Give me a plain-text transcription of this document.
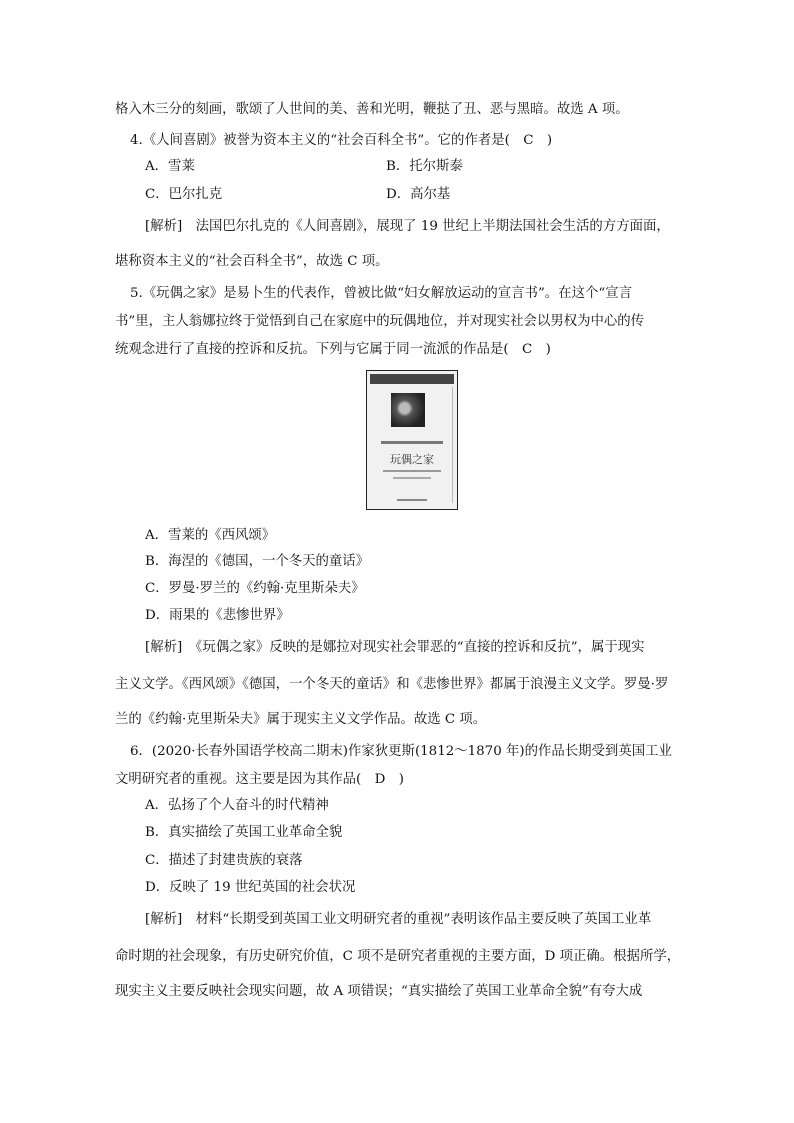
格入木三分的刻画，歌颂了人世间的美、善和光明，鞭挞了丑、恶与黑暗。故选 A 项。
4.《人间喜剧》被誉为资本主义的“社会百科全书”。它的作者是(　C　)
A．雪莱	B．托尔斯泰
C．巴尔扎克	D．高尔基
[解析]　 法国巴尔扎克的《人间喜剧》，展现了 19 世纪上半期法国社会生活的方方面面，
堪称资本主义的“社会百科全书”，故选 C 项。
5.《玩偶之家》是易卜生的代表作，曾被比做“妇女解放运动的宣言书”。在这个“宣言
书”里，主人翁娜拉终于觉悟到自己在家庭中的玩偶地位，并对现实社会以男权为中心的传
统观念进行了直接的控诉和反抗。下列与它属于同一流派的作品是(　C　)
玩偶之家
A．雪莱的《西风颂》
B．海涅的《德国，一个冬天的童话》
C．罗曼·罗兰的《约翰·克里斯朵夫》
D．雨果的《悲惨世界》
[解析]　 《玩偶之家》反映的是娜拉对现实社会罪恶的“直接的控诉和反抗”，属于现实
主义文学。《西风颂》《德国，一个冬天的童话》和《悲惨世界》都属于浪漫主义文学。罗曼·罗
兰的《约翰·克里斯朵夫》属于现实主义文学作品。故选 C 项。
6．(2020·长春外国语学校高二期末)作家狄更斯(1812～1870 年)的作品长期受到英国工业
文明研究者的重视。这主要是因为其作品(　D　)
A．弘扬了个人奋斗的时代精神
B．真实描绘了英国工业革命全貌
C．描述了封建贵族的衰落
D．反映了 19 世纪英国的社会状况
[解析]　 材料“长期受到英国工业文明研究者的重视”表明该作品主要反映了英国工业革
命时期的社会现象，有历史研究价值，C 项不是研究者重视的主要方面，D 项正确。根据所学，
现实主义主要反映社会现实问题，故 A 项错误；“真实描绘了英国工业革命全貌”有夸大成
